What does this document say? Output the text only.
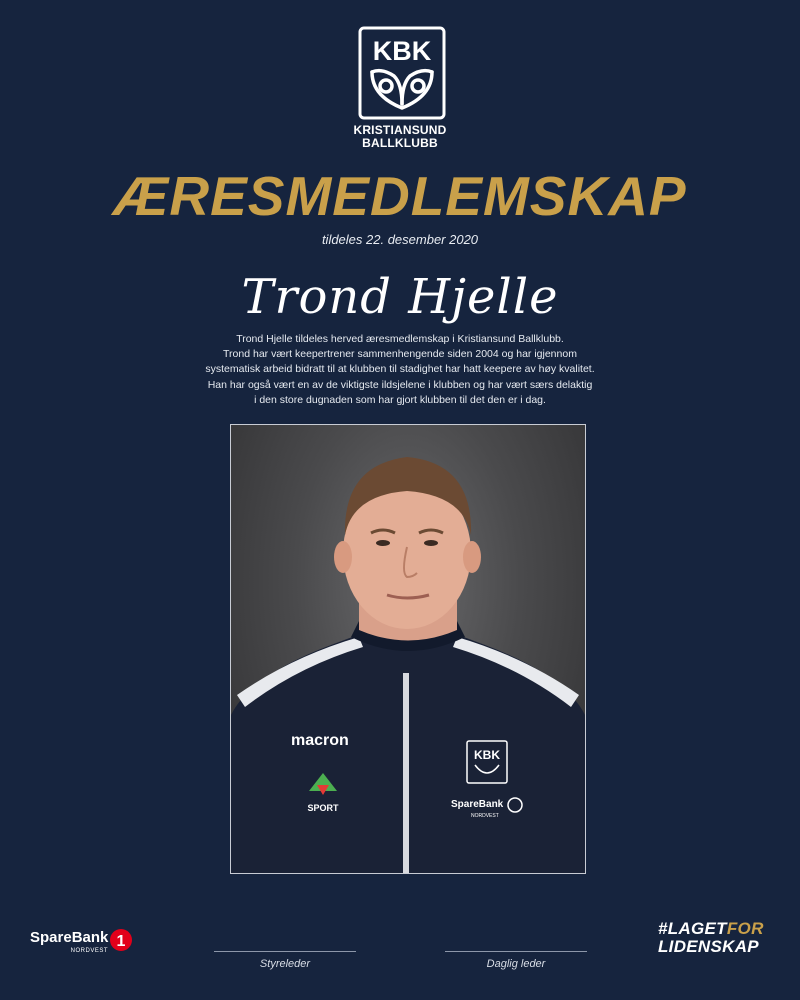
KBK
KRISTIANSUND
BALLKLUBB
ÆRESMEDLEMSKAP
tildeles 22. desember 2020
Trond Hjelle
Trond Hjelle tildeles herved æresmedlemskap i Kristiansund Ballklubb.
Trond har vært keepertrener sammenhengende siden 2004 og har igjennom
systematisk arbeid bidratt til at klubben til stadighet har hatt keepere av høy kvalitet.
Han har også vært en av de viktigste ildsjelene i klubben og har vært særs delaktig
i den store dugnaden som har gjort klubben til det den er i dag.
macron
SPORT
KBK
SpareBank
NORDVEST
SpareBank
NORDVEST
1
Styreleder	Daglig leder
#LAGETFOR
LIDENSKAP
